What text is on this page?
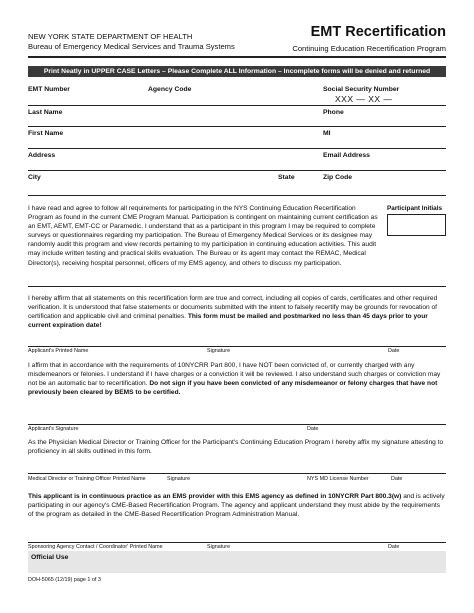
NEW YORK STATE DEPARTMENT OF HEALTH
Bureau of Emergency Medical Services and Trauma Systems
EMT Recertification
Continuing Education Recertification Program
Print Neatly in UPPER CASE Letters – Please Complete ALL Information – Incomplete forms will be denied and returned
EMT Number	Agency Code	Social Security Number
XXX — XX —
Last Name	Phone
First Name	MI
Address	Email Address
City	State	Zip Code
I have read and agree to follow all requirements for participating in the NYS Continuing Education Recertification Program as found in the current CME Program Manual. Participation is contingent on maintaining current certification as an EMT, AEMT, EMT-CC or Paramedic. I understand that as a participant in this program I may be required to complete surveys or questionnaires regarding my participation. The Bureau of Emergency Medical Services or its designee may randomly audit this program and view records pertaining to my participation in continuing education activities. This audit may include written testing and practical skills evaluation. The Bureau or its agent may contact the REMAC, Medical Director(s), receiving hospital personnel, officers of my EMS agency, and others to discuss my participation.
Participant Initials
I hereby affirm that all statements on this recertification form are true and correct, including all copies of cards, certificates and other required verification. It is understood that false statements or documents submitted with the intent to falsely recertify may be grounds for revocation of certification and applicable civil and criminal penalties. This form must be mailed and postmarked no less than 45 days prior to your current expiration date!
Applicant's Printed Name	Signature	Date
I affirm that in accordance with the requirements of 10NYCRR Part 800, I have NOT been convicted of, or currently charged with any misdemeanors or felonies. I understand if I have charges or a conviction it will be reviewed. I also understand such charges or conviction may not be an automatic bar to recertification. Do not sign if you have been convicted of any misdemeanor or felony charges that have not previously been cleared by BEMS to be certified.
Applicant's Signature	Date
As the Physician Medical Director or Training Officer for the Participant's Continuing Education Program I hereby affix my signature attesting to proficiency in all skills outlined in this form.
Medical Director or Training Officer Printed Name	Signature	NYS MD License Number	Date
This applicant is in continuous practice as an EMS provider with this EMS agency as defined in 10NYCRR Part 800.3(w) and is actively participating in our agency's CME-Based Recertification Program. The agency and applicant understand they must abide by the requirements of the program as detailed in the CME-Based Recertification Program Administration Manual.
Sponsoring Agency Contact / Coordinator' Printed Name	Signature	Date
Official Use
DOH-5065 (12/19) page 1 of 3
